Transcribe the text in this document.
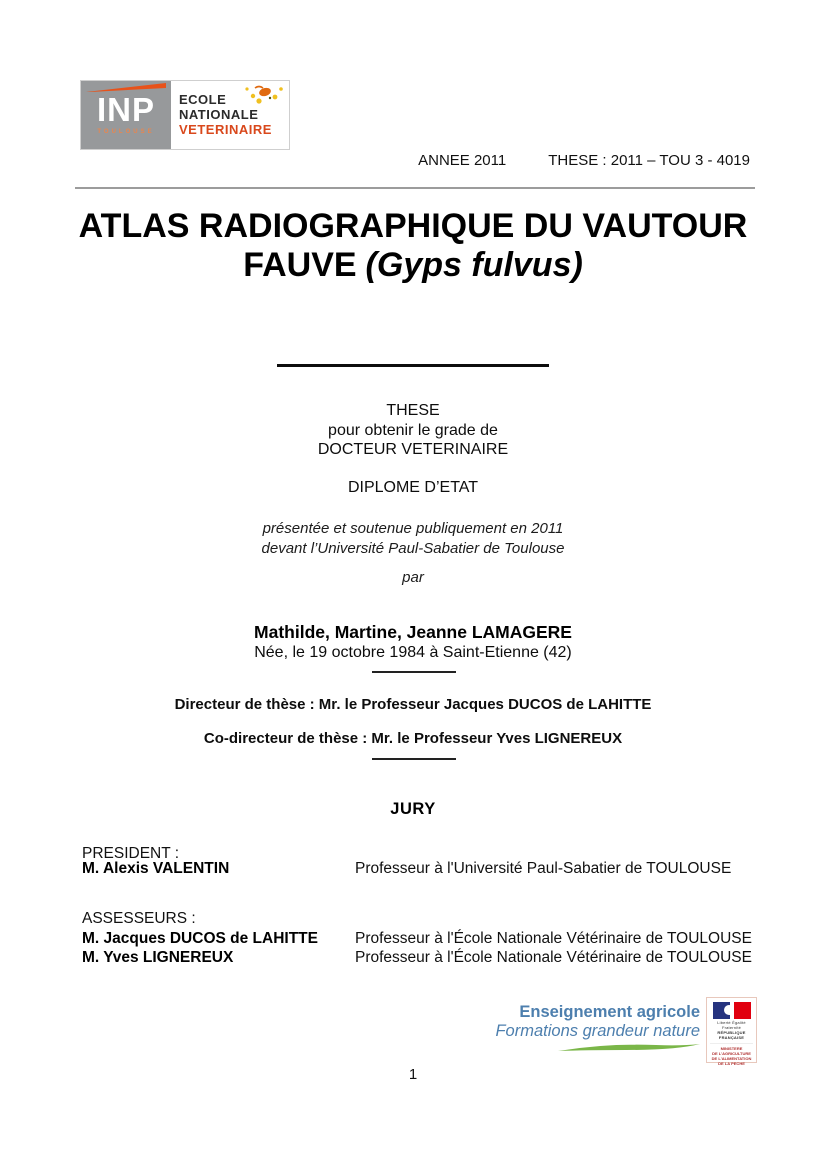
INP
TOULOUSE
ECOLE
NATIONALE
VETERINAIRE
ANNEE 2011	THESE : 2011 – TOU 3 - 4019
ATLAS RADIOGRAPHIQUE DU VAUTOUR
FAUVE (Gyps fulvus)
THESE
pour obtenir le grade de
DOCTEUR VETERINAIRE
DIPLOME D’ETAT
présentée et soutenue publiquement en 2011
devant l’Université Paul-Sabatier de Toulouse
par
Mathilde, Martine, Jeanne LAMAGERE
Née, le 19 octobre 1984 à Saint-Etienne (42)
Directeur de thèse : Mr. le Professeur Jacques DUCOS de LAHITTE
Co-directeur de thèse : Mr. le Professeur Yves LIGNEREUX
JURY
PRESIDENT :
M. Alexis VALENTIN	Professeur à l'Université Paul-Sabatier de TOULOUSE
ASSESSEURS :
M. Jacques DUCOS de LAHITTE Professeur à l'École Nationale Vétérinaire de TOULOUSE
M. Yves LIGNEREUX	Professeur à l'École Nationale Vétérinaire de TOULOUSE
Enseignement agricole
Formations grandeur nature	Liberté Égalité Fraternité
RÉPUBLIQUE FRANÇAISE
MINISTERE
DE L'AGRICULTURE
DE L'ALIMENTATION
DE LA PECHE
1
